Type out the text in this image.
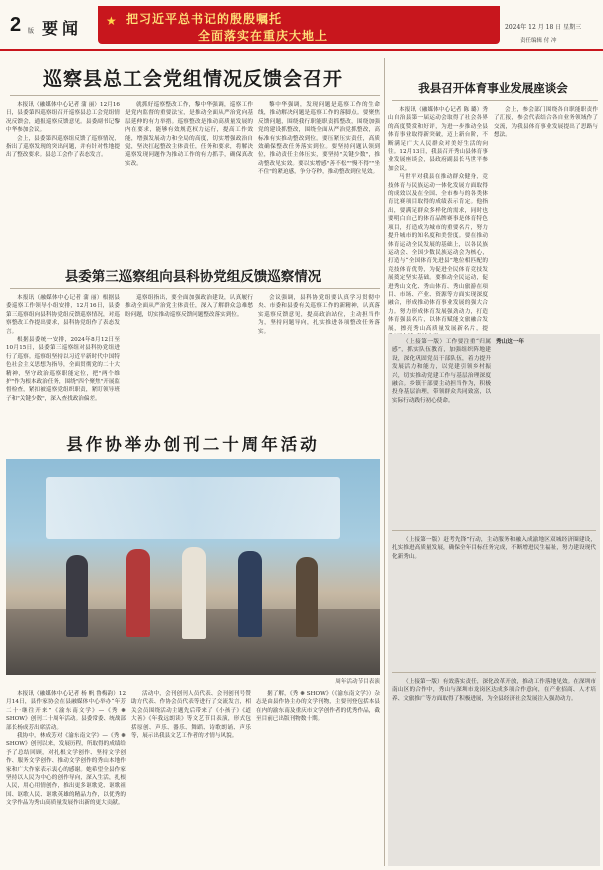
2 版 要闻 ★ 把习近平总书记的殷殷嘱托
全面落实在重庆大地上
2024年 12 月 18 日 星期三
责任编辑 付 冲
巡察县总工会党组情况反馈会召开

本报讯（融媒体中心记者 蒲 丽）12月16日，县委第四巡察组召开巡察县总工会党组情况反馈会，通报巡察反馈意见。县委副书记黎中华参加会议。

会上，县委第四巡察组反馈了巡察情况，指出了巡察发现的突出问题，并有针对性地提出了整改要求。县总工会作了表态发言。

就抓好巡察整改工作，黎中华强调，巡察工作是党内监督的重要法宝，是推动全面从严治党向基层延伸的有力举措。巡察整改是推动高质量发展的内在要求，能够有效规范权力运行，提高工作效能，增强发展动力和全局的高度，切实增强政治自觉，坚决扛起整改主体责任，任务和要求，将解决巡察发现问题作为推动工作的有力抓手，确保真改实改。

黎中华强调，发现问题是巡察工作的生命线，推动解决问题是巡察工作的落脚点。要聚焦反馈问题，围绕我行职能职责抓整改，围绕加强党的建设抓整改，围绕全面从严治党抓整改，高标准有实推动整改到位。要压紧压实责任，高质效确保整改任务落实到位。要坚持问题认领到位，推动责任主体压实，要坚持"关键少数"，推动整改见实效。要以实增感"善不松""慢不得""坐不住"的紧迫感，争分夺秒，推动整改到位见效。

县委第三巡察组向县科协党组反馈巡察情况

本报讯（融媒体中心记者 蒲 丽）根据县委巡察工作领导小组安排，12月16日，县委第三巡察组向县科协党组反馈巡察情况，对巡察整改工作提出要求，县科协党组作了表态发言。

根据县委统一安排，2024年8月12日至10月15日，县委第三巡察组对县科协党组进行了巡察。巡察组坚持以习近平新时代中国特色社会主义思想为指导，全面贯彻党的二十大精神，坚守政治巡察职能定位，把"两个维护"作为根本政治任务，围绕"四个聚焦"开展监督检查，紧扣被巡察党组织职责，紧盯领导班子和"关键少数"，深入查找政治偏差。

巡察组指出，要全面加强政治建设，认真履行推动全面从严治党主体责任，深入了解群众急难愁盼问题，切实推动巡察反馈问题整改落实到位。

会议强调，县科协党组要认真学习贯彻中央、市委和县委有关巡察工作的新精神，认真落实巡察反馈意见，提高政治站位，主动担当作为，坚持问题导向，扎实推进各项整改任务落实。

县作协举办创刊二十周年活动
周年活动节目表演

本报讯（融媒体中心记者 杨 帆 鲁梅韵）12月14日，县作家协会在县融媒体中心举办“年芳二十·继往开来”《渝东南文学》—《秀 ❋ SHOW》创刊二十周年活动。县委常委、统战部部长杨成芳出席活动。

我协中，林成芳对《渝东南文学》—《秀 ❋ SHOW》创刊以来，发展历程，所取得的成绩给予了总结回顾，对扎根文学创作、坚持文学创作、服务文学创作、推动文学创作的秀山本地作家和广大作家表示衷心的感谢。她希望全县作家坚持以人民为中心的创作导向，深入生活，扎根人民，用心用情创作，推出更多讴歌党、讴歌祖国、讴歌人民、讴歌英雄的精品力作，以优秀的文学作品为秀山高质量发展作出新的更大贡献。

活动中，会刊创刊人员代表、会刊创刊号赞助方代表、作协会员代表等进行了交流发言，相关会员围绕活动主题先后带来了《小孩子》《道大善》《年我远朗读》等文艺节目表演，形式包括原创、声乐、器乐、舞蹈、诗歌朗诵、声乐等，展示出我县文艺工作者的才情与风貌。

据了解，《秀 ❋ SHOW》（《渝东南文学》）杂志是由县作协主办的文学刊物，主要刊登包括本县在内的渝东南及重庆市文学创作者的优秀作品，截至目前已出版刊物数十期。

我县召开体育事业发展座谈会

本报讯（融媒体中心记者 陈 璐）秀山自治县第一届运动会取得了社会各界的高度赞赏和好评，为进一步推动全县体育事业取得新突破，迈上新台阶，不断满足广大人民群众对美好生活的向往。12月13日，我县召开秀山县体育事业发展座谈会，县政府副县长马世平参加会议。

马世平对我县在推动群众健身，竞技体育与民族运动一体化发展方面取得的成效以及在全国、全市参与的各类体育比赛项目取得的成绩表示肯定。他指出，要满足群众多样化的需求，同时也要明白自己的体育品牌赛事是体育特色项目，打造成为城市的重要名片，努力提升城市的知名度和美誉度。要在推动体育运动全民发展的基础上，以各民族运动会、全国少数民族运动会为核心，打造与“全国体育先进县”地位相匹配的竞技体育优势，为促进全民体育竞技发展奠定坚实基础。要推动全民运动，促进秀山文化、秀山体育、秀山旅游在项目、市场、产业、资源等方面实现深度融合，形成推动体育事业发展的强大合力。努力形成体育发展强劲动力，打造体育强县名片，以体育赋能文旅融合发展，擦亮秀山高质量发展新名片，提

会上，参会部门围绕各自职能职责作了汇报，参会代表结合各自业务领域作了交流，为我县体育事业发展提出了思路与想法。

（上接第一版）工作要注重“归属感”，抓实队伍教育，加强组织阵地建设，深化巩固党员干部队伍，着力提升发展活力和能力，以党建引领乡村振兴，切实推动党建工作与基层治理深度融合。乡镇干部要主动担当作为，积极投身基层治理，带领群众共同致富，以实际行动践行初心使命。

秀山这一年

（上接第一版）赶考先锋”行动，主动服务和融入成渝地区双城经济圈建设，扎实推进高质量发展，确保全年目标任务完成，不断增进民生福祉，努力建设现代化新秀山。

（上接第一版）有效落实责任，深化改革开放，推动工作落地见效。在深圳市南山区的合作中，秀山与深圳市龙岗区达成多项合作意向，在产业招商、人才培养、文旅推广等方面取得了积极进展，为全县经济社会发展注入强劲动力。
